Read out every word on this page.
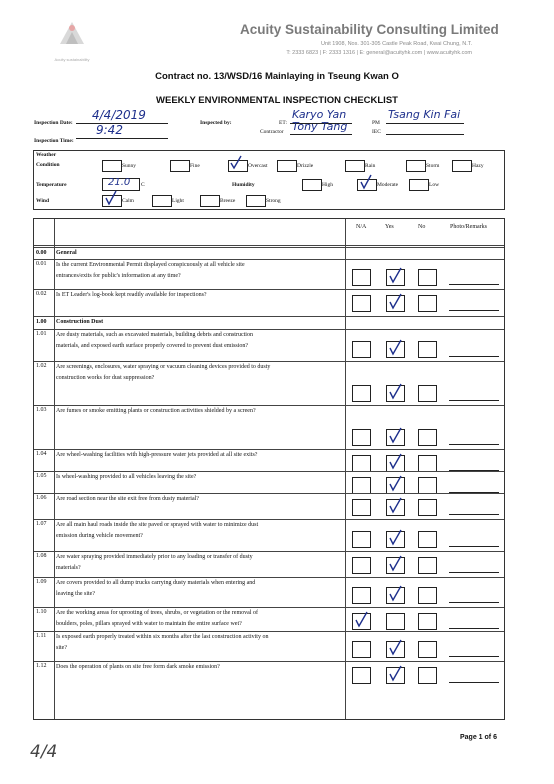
Acuity sustainability
Acuity Sustainability Consulting Limited
Unit 1908, Nos. 301-305 Castle Peak Road, Kwai Chung, N.T.
T: 2333 6823 | F: 2333 1316 | E: general@acuityhk.com | www.acuityhk.com
Contract no. 13/WSD/16 Mainlaying in Tseung Kwan O
WEEKLY ENVIRONMENTAL INSPECTION CHECKLIST
Inspection Date:
4/4/2019
Inspection Time:
9:42	Inspected by:	ET:
Karyo Yan
Contractor Tony Tang	PM
Tsang Kin Fai
IEC
Weather
Condition	Sunny	Fine	Overcast	Drizzle	Rain	Storm	Hazy
Temperature	21.0 C	Humidity	High	Moderate	Low
Wind	Calm	Light	Breeze	Strong
N/A	Yes	No	Photo/Remarks
0.00	General
0.01	Is the current Environmental Permit displayed conspicuously at all vehicle site
entrances/exits for public's information at any time?
0.02	Is ET Leader's log-book kept readily available for inspections?
1.00	Construction Dust
1.01	Are dusty materials, such as excavated materials, building debris and construction
materials, and exposed earth surface properly covered to prevent dust emission?
1.02	Are screenings, enclosures, water spraying or vacuum cleaning devices provided to dusty
construction works for dust suppression?
1.03	Are fumes or smoke emitting plants or construction activities shielded by a screen?
1.04	Are wheel-washing facilities with high-pressure water jets provided at all site exits?
1.05	Is wheel-washing provided to all vehicles leaving the site?
1.06	Are road section near the site exit free from dusty material?
1.07	Are all main haul roads inside the site paved or sprayed with water to minimize dust
emission during vehicle movement?
1.08	Are water spraying provided immediately prior to any loading or transfer of dusty
materials?
1.09	Are covers provided to all dump trucks carrying dusty materials when entering and
leaving the site?
1.10	Are the working areas for uprooting of trees, shrubs, or vegetation or the removal of
boulders, poles, pillars sprayed with water to maintain the entire surface wet?
1.11	Is exposed earth properly treated within six months after the last construction activity on
site?
1.12	Does the operation of plants on site free form dark smoke emission?
4/4
Page 1 of 6
